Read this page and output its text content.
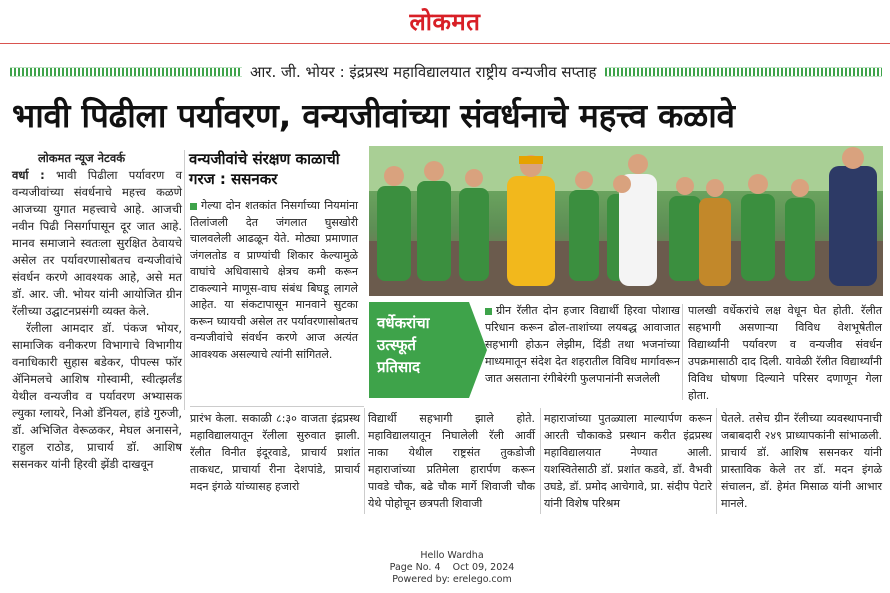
लोकमत
आर. जी. भोयर : इंद्रप्रस्थ महाविद्यालयात राष्ट्रीय वन्यजीव सप्ताह
भावी पिढीला पर्यावरण, वन्यजीवांच्या संवर्धनाचे महत्त्व कळावे
लोकमत न्यूज नेटवर्क

वर्धा : भावी पिढीला पर्यावरण व वन्यजीवांच्या संवर्धनाचे महत्त्व कळणे आजच्या युगात महत्त्वाचे आहे. आजची नवीन पिढी निसर्गापासून दूर जात आहे. मानव समाजाने स्वतःला सुरक्षित ठेवायचे असेल तर पर्यावरणासोबतच वन्यजीवांचे संवर्धन करणे आवश्यक आहे, असे मत डॉ. आर. जी. भोयर यांनी आयोजित ग्रीन रॅलीच्या उद्घाटनप्रसंगी व्यक्त केले.

रॅलीला आमदार डॉ. पंकज भोयर, सामाजिक वनीकरण विभागाचे विभागीय वनाधिकारी सुहास बडेकर, पीपल्स फॉर ॲनिमलचे आशिष गोस्वामी, स्वीत्झर्लंड येथील वन्यजीव व पर्यावरण अभ्यासक ल्युका ग्लायरे, निओ डॅनियल, हांडे गुरुजी, डॉ. अभिजित वेरूळकर, मेघल अनासने, राहुल राठोड, प्राचार्य डॉ. आशिष ससनकर यांनी हिरवी झेंडी दाखवून

वन्यजीवांचे संरक्षण काळाची गरज : ससनकर
गेल्या दोन शतकांत निसर्गाच्या नियमांना तिलांजली देत जंगलात घुसखोरी चालवलेली आढळून येते. मोठ्या प्रमाणात जंगलतोड व प्राण्यांची शिकार केल्यामुळे वाघांचे अधिवासाचे क्षेत्रच कमी करून टाकल्याने माणूस-वाघ संबंध बिघडू लागले आहेत. या संकटापासून मानवाने सुटका करून घ्यायची असेल तर पर्यावरणासोबतच वन्यजीवांचे संवर्धन करणे आज अत्यंत आवश्यक असल्याचे त्यांनी सांगितले.
वर्धेकरांचा उत्स्फूर्त प्रतिसाद
ग्रीन रॅलीत दोन हजार विद्यार्थी हिरवा पोशाख परिधान करून ढोल-ताशांच्या लयबद्ध आवाजात सहभागी होऊन लेझीम, दिंडी तथा भजनांच्या माध्यमातून संदेश देत शहरातील विविध मार्गावरून जात असताना रंगीबेरंगी फुलपानांनी सजलेली
पालखी वर्धेकरांचे लक्ष वेधून घेत होती. रॅलीत सहभागी असणाऱ्या विविध वेशभूषेतील विद्यार्थ्यांनी पर्यावरण व वन्यजीव संवर्धन उपक्रमासाठी दाद दिली. यावेळी रॅलीत विद्यार्थ्यांनी विविध घोषणा दिल्याने परिसर दणाणून गेला होता.
प्रारंभ केला. सकाळी ८:३० वाजता इंद्रप्रस्थ महाविद्यालयातून रॅलीला सुरुवात झाली. रॅलीत विनीत इंदूरवाडे, प्राचार्य प्रशांत ताकधट, प्राचार्या रीना देशपांडे, प्राचार्य मदन इंगळे यांच्यासह हजारो
विद्यार्थी सहभागी झाले होते. महाविद्यालयातून निघालेली रॅली आर्वी नाका येथील राष्ट्रसंत तुकडोजी महाराजांच्या प्रतिमेला हारार्पण करून पावडे चौक, बढे चौक मार्गे शिवाजी चौक येथे पोहोचून छत्रपती शिवाजी
महाराजांच्या पुतळ्याला माल्यार्पण करून आरती चौकाकडे प्रस्थान करीत इंद्रप्रस्थ महाविद्यालयात नेण्यात आली. यशस्वितेसाठी डॉ. प्रशांत कडवे, डॉ. वैभवी उघडे, डॉ. प्रमोद आचेगावे, प्रा. संदीप पेटारे यांनी विशेष परिश्रम
घेतले. तसेच ग्रीन रॅलीच्या व्यवस्थापनाची जबाबदारी २४९ प्राध्यापकांनी सांभाळली. प्राचार्य डॉ. आशिष ससनकर यांनी प्रास्ताविक केले तर डॉ. मदन इंगळे संचालन, डॉ. हेमंत मिसाळ यांनी आभार मानले.
Hello Wardha
Page No. 4    Oct 09, 2024
Powered by: erelego.com
